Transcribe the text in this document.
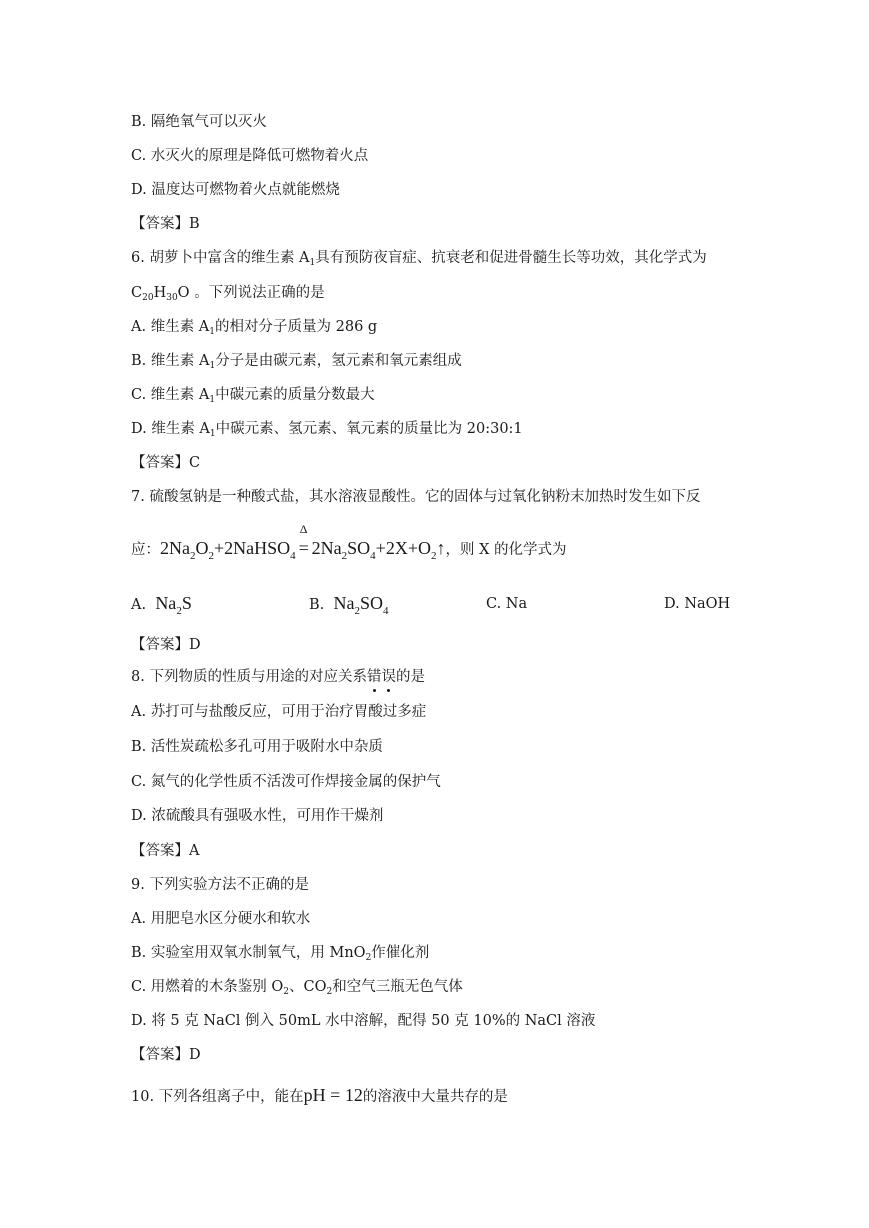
B. 隔绝氧气可以灭火
C. 水灭火的原理是降低可燃物着火点
D. 温度达可燃物着火点就能燃烧
【答案】B
6. 胡萝卜中富含的维生素 $A_1$具有预防夜盲症、抗衰老和促进骨髓生长等功效，其化学式为
$C_{20}H_{30}O$ 。下列说法正确的是
A. 维生素 $A_1$的相对分子质量为 286 g
B. 维生素 $A_1$分子是由碳元素，氢元素和氧元素组成
C. 维生素 $A_1$中碳元素的质量分数最大
D. 维生素 $A_1$中碳元素、氢元素、氧元素的质量比为 20:30:1
【答案】C
7. 硫酸氢钠是一种酸式盐，其水溶液显酸性。它的固体与过氧化钠粉末加热时发生如下反
应：$2Na_2O_2+2NaHSO_4$
Δ
= $2Na_2SO_4+2X+O_2↑$，则 X 的化学式为
A. $Na_2S$	B. $Na_2SO_4$	C. Na	D. NaOH
【答案】D
8. 下列物质的性质与用途的对应关系错
误
的是
A. 苏打可与盐酸反应，可用于治疗胃酸过多症
B. 活性炭疏松多孔可用于吸附水中杂质
C. 氮气的化学性质不活泼可作焊接金属的保护气
D. 浓硫酸具有强吸水性，可用作干燥剂
【答案】A
9. 下列实验方法不正确的是
A. 用肥皂水区分硬水和软水
B. 实验室用双氧水制氧气，用 MnO$_2$作催化剂
C. 用燃着的木条鉴别 $O_2$、$CO_2$和空气三瓶无色气体
D. 将 5 克 NaCl 倒入 50mL 水中溶解，配得 50 克 10%的 NaCl 溶液
【答案】D
10. 下列各组离子中，能在pH = 12的溶液中大量共存的是
